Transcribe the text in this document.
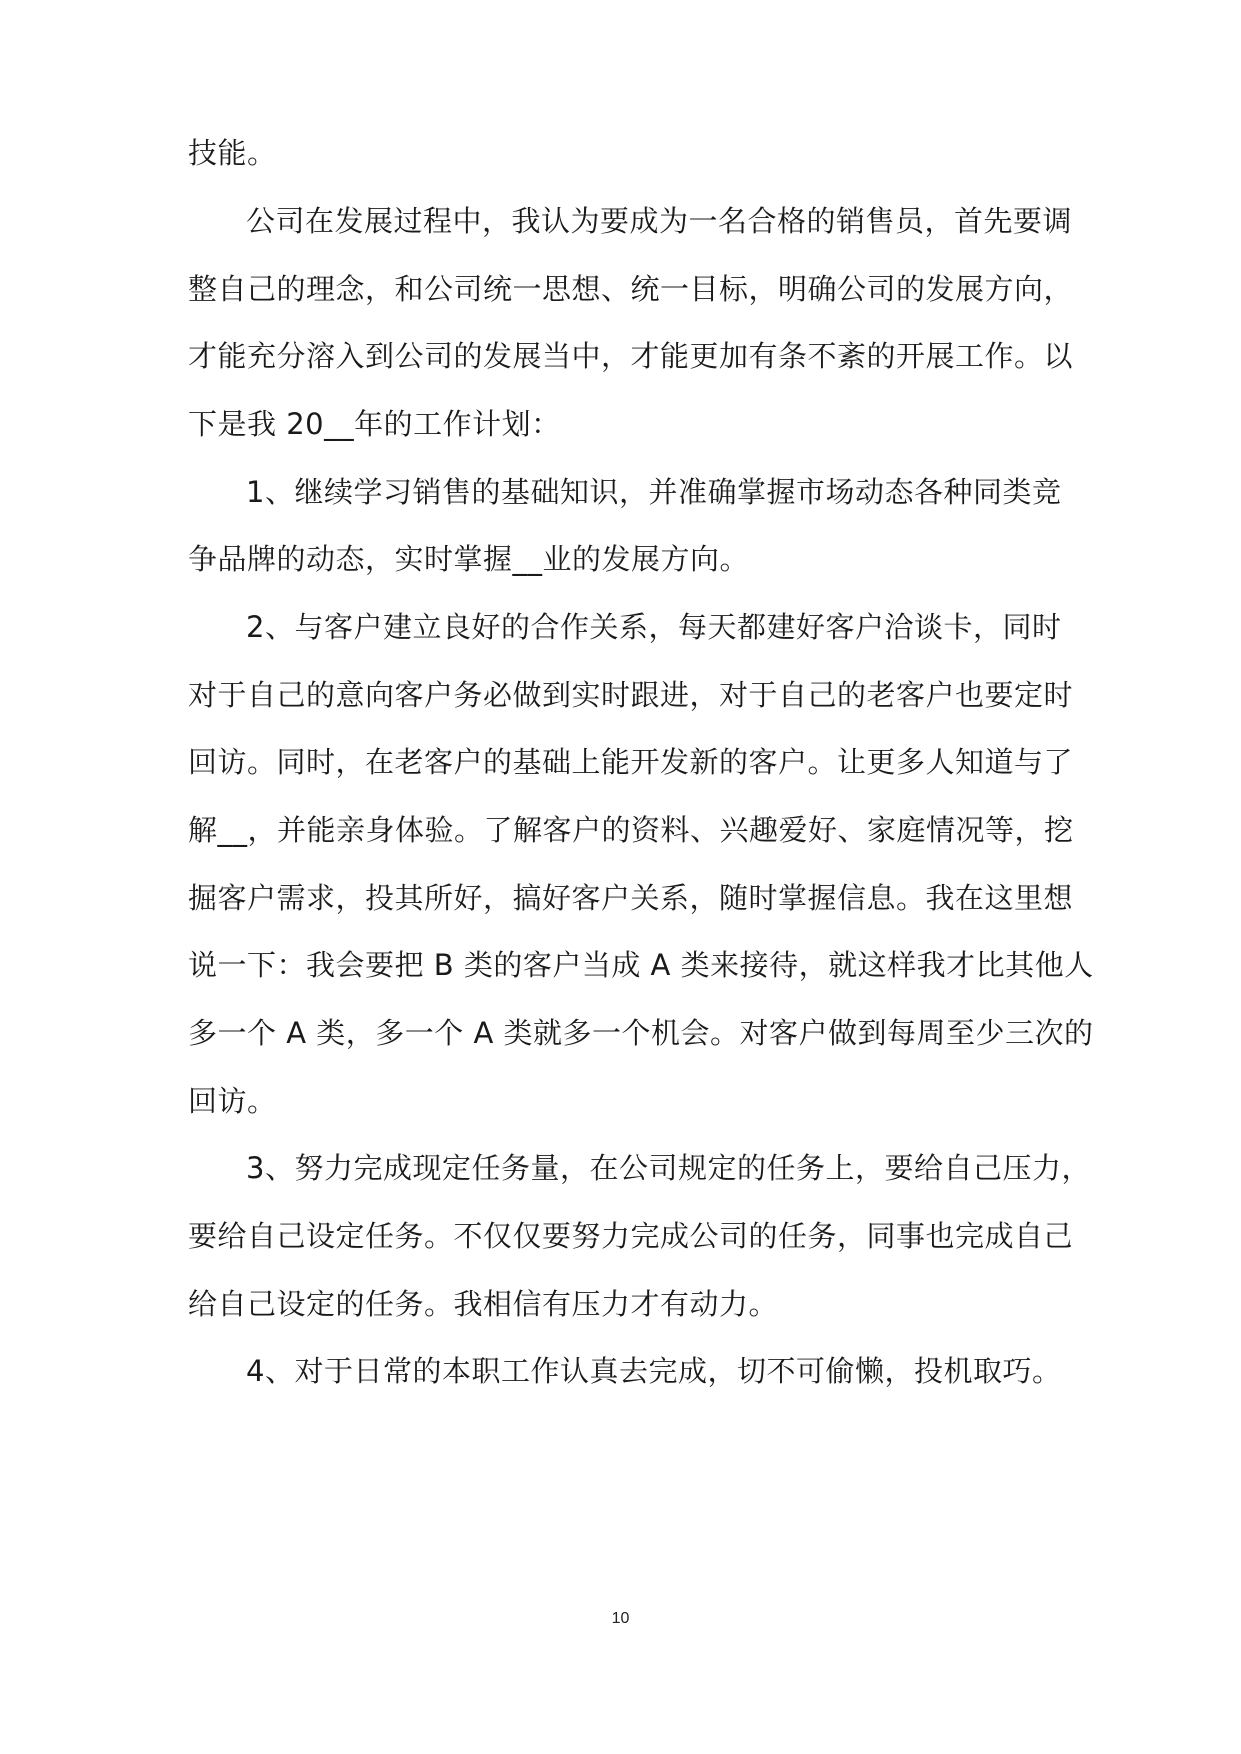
技能。
公司在发展过程中，我认为要成为一名合格的销售员，首先要调
整自己的理念，和公司统一思想、统一目标，明确公司的发展方向，
才能充分溶入到公司的发展当中，才能更加有条不紊的开展工作。以
下是我 20__年的工作计划：
1、继续学习销售的基础知识，并准确掌握市场动态各种同类竞
争品牌的动态，实时掌握__业的发展方向。
2、与客户建立良好的合作关系，每天都建好客户洽谈卡，同时
对于自己的意向客户务必做到实时跟进，对于自己的老客户也要定时
回访。同时，在老客户的基础上能开发新的客户。让更多人知道与了
解__，并能亲身体验。了解客户的资料、兴趣爱好、家庭情况等，挖
掘客户需求，投其所好，搞好客户关系，随时掌握信息。我在这里想
说一下：我会要把 B 类的客户当成 A 类来接待，就这样我才比其他人
多一个 A 类，多一个 A 类就多一个机会。对客户做到每周至少三次的
回访。
3、努力完成现定任务量，在公司规定的任务上，要给自己压力，
要给自己设定任务。不仅仅要努力完成公司的任务，同事也完成自己
给自己设定的任务。我相信有压力才有动力。
4、对于日常的本职工作认真去完成，切不可偷懒，投机取巧。
10
